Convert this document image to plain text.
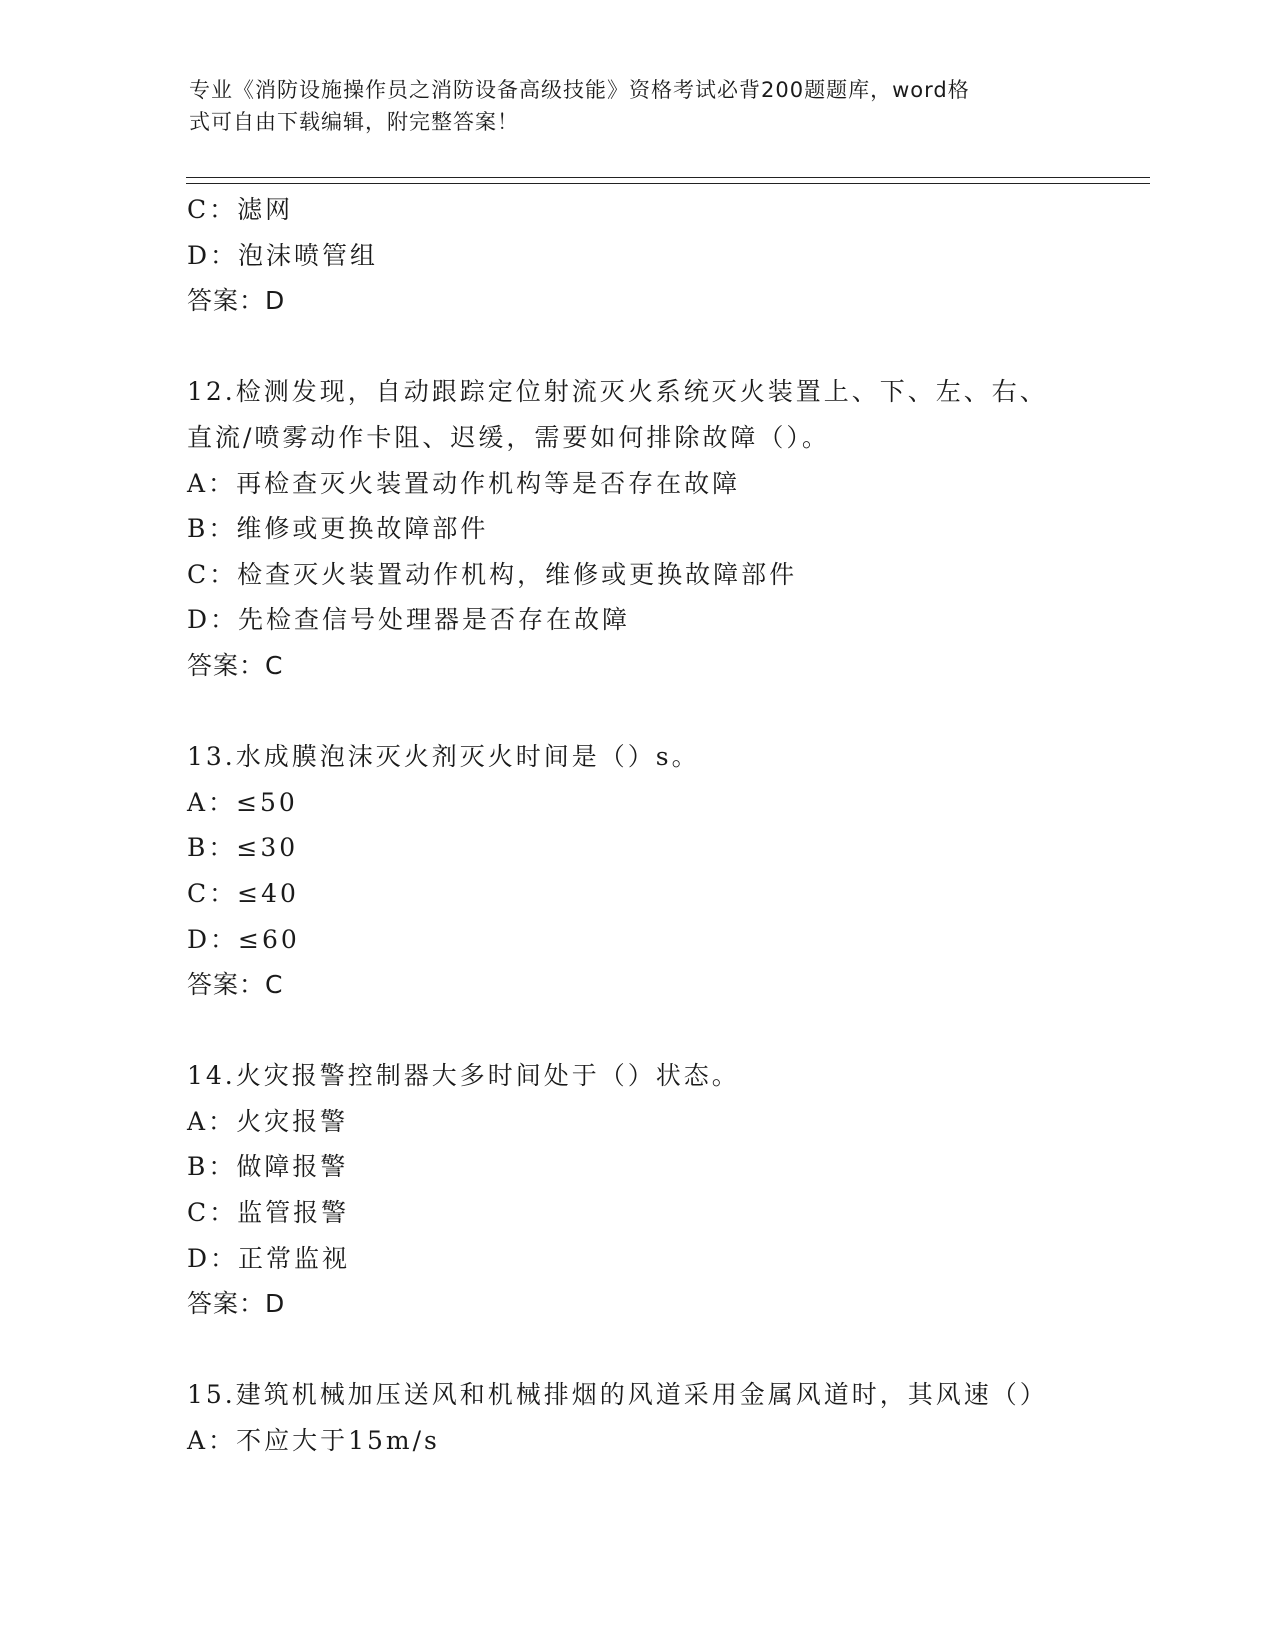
专业《消防设施操作员之消防设备高级技能》资格考试必背200题题库，word格
式可自由下载编辑，附完整答案！
C：滤网
D：泡沫喷管组
答案：D
12.检测发现，自动跟踪定位射流灭火系统灭火装置上、下、左、右、
直流/喷雾动作卡阻、迟缓，需要如何排除故障（）。
A：再检查灭火装置动作机构等是否存在故障
B：维修或更换故障部件
C：检查灭火装置动作机构，维修或更换故障部件
D：先检查信号处理器是否存在故障
答案：C
13.水成膜泡沫灭火剂灭火时间是（）s。
A：≤50
B：≤30
C：≤40
D：≤60
答案：C
14.火灾报警控制器大多时间处于（）状态。
A：火灾报警
B：做障报警
C：监管报警
D：正常监视
答案：D
15.建筑机械加压送风和机械排烟的风道采用金属风道时，其风速（）
A：不应大于15m/s
